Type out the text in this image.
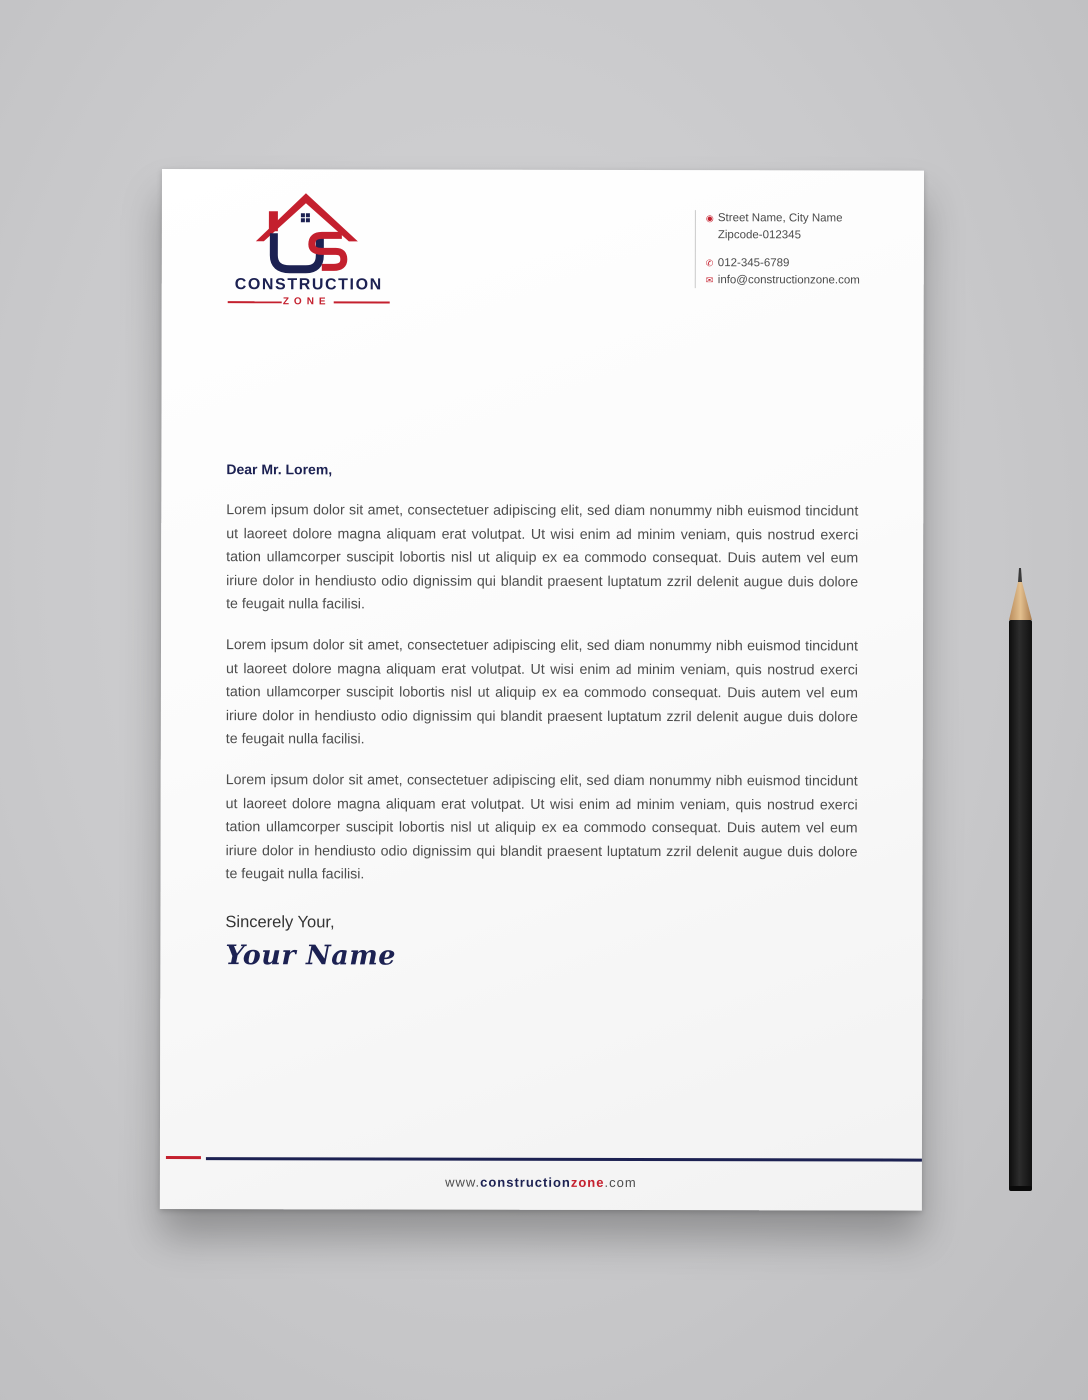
CONSTRUCTION
ZONE
◉ Street Name, City Name
Zipcode-012345
✆ 012-345-6789
✉ info@constructionzone.com

Dear Mr. Lorem,

Lorem ipsum dolor sit amet, consectetuer adipiscing elit, sed diam nonummy nibh euismod tincidunt ut laoreet dolore magna aliquam erat volutpat. Ut wisi enim ad minim veniam, quis nostrud exerci tation ullamcorper suscipit lobortis nisl ut aliquip ex ea commodo consequat. Duis autem vel eum iriure dolor in hendiusto odio dignissim qui blandit praesent luptatum zzril delenit augue duis dolore te feugait nulla facilisi.

Lorem ipsum dolor sit amet, consectetuer adipiscing elit, sed diam nonummy nibh euismod tincidunt ut laoreet dolore magna aliquam erat volutpat. Ut wisi enim ad minim veniam, quis nostrud exerci tation ullamcorper suscipit lobortis nisl ut aliquip ex ea commodo consequat. Duis autem vel eum iriure dolor in hendiusto odio dignissim qui blandit praesent luptatum zzril delenit augue duis dolore te feugait nulla facilisi.

Lorem ipsum dolor sit amet, consectetuer adipiscing elit, sed diam nonummy nibh euismod tincidunt ut laoreet dolore magna aliquam erat volutpat. Ut wisi enim ad minim veniam, quis nostrud exerci tation ullamcorper suscipit lobortis nisl ut aliquip ex ea commodo consequat. Duis autem vel eum iriure dolor in hendiusto odio dignissim qui blandit praesent luptatum zzril delenit augue duis dolore te feugait nulla facilisi.

Sincerely Your,
Your Name
www.constructionzone.com
